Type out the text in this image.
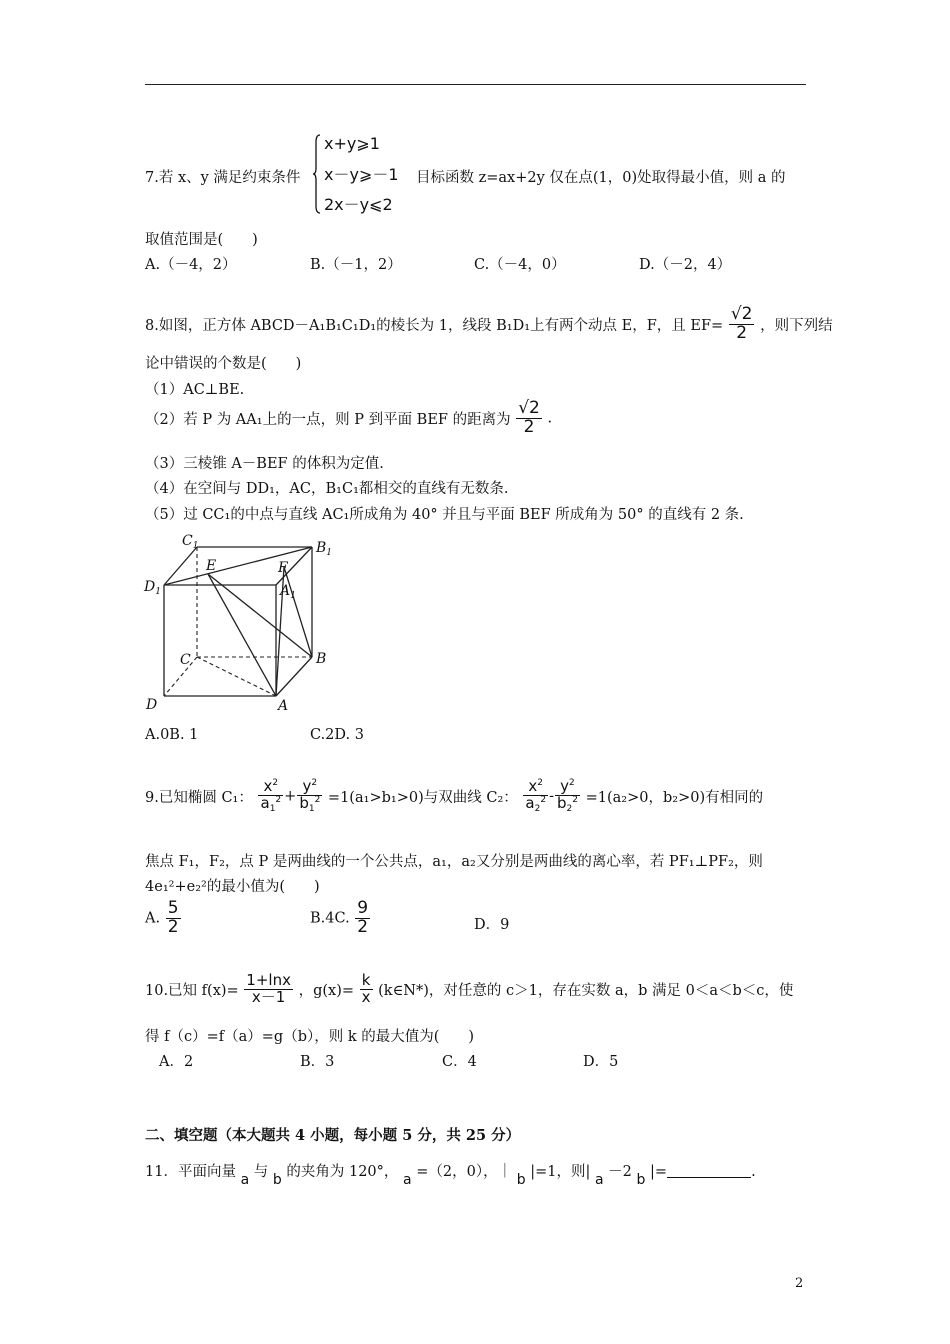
7.若 x、y 满足约束条件
x+y⩾1
x－y⩾－1
2x－y⩽2
目标函数 z=ax+2y 仅在点(1，0)处取得最小值，则 a 的
取值范围是(　　)
A.（－4，2）	B.（－1，2）	C.（－4，0）	D.（－2，4）
8.如图，正方体 ABCD－A₁B₁C₁D₁的棱长为 1，线段 B₁D₁上有两个动点 E，F，且 $EF= \frac{√2}{2}$ ，则下列结
论中错误的个数是(　　)
（1）AC⊥BE.
（2）若 P 为 AA₁上的一点，则 P 到平面 BEF 的距离为 $\frac{√2}{2}$ .
（3）三棱锥 A－BEF 的体积为定值.
（4）在空间与 DD₁，AC，B₁C₁都相交的直线有无数条.
（5）过 CC₁的中点与直线 AC₁所成角为 40° 并且与平面 BEF 所成角为 50° 的直线有 2 条.
$C_1$	$B_1$
$D_1$
E	F
$A_1$
C	B
D	A
A.0B. 1	C.2D. 3
9.已知椭圆 C₁： $\frac{x^2}{a_1^2} + \frac{y^2}{b_1^2} =1(a_1>b_1>0)$与双曲线 C₂： $\frac{x^2}{a_2^2} - \frac{y^2}{b_2^2} =1(a_2>0$，b₂>0)有相同的
焦点 F₁，F₂，点 P 是两曲线的一个公共点，a₁，a₂又分别是两曲线的离心率，若 PF₁⊥PF₂，则
4e₁²+e₂²的最小值为(　　)
A. $\frac{5}{2}$	B.4C. $\frac{9}{2}$	D．9
10.已知 $f(x)= \frac{1+\ln x}{x-1}$ ，$g(x)= \frac{k}{x}$ (k∈N*)，对任意的 c＞1，存在实数 a，b 满足 0＜a＜b＜c，使
得 f（c）=f（a）=g（b），则 k 的最大值为(　　)
A．2	B．3	C．4	D．5
二、填空题（本大题共 4 小题，每小题 5 分，共 25 分）
11．平面向量 a 与 b 的夹角为 120°， a =（2，0），｜ b |=1，则| a －2 b |=	.
2
